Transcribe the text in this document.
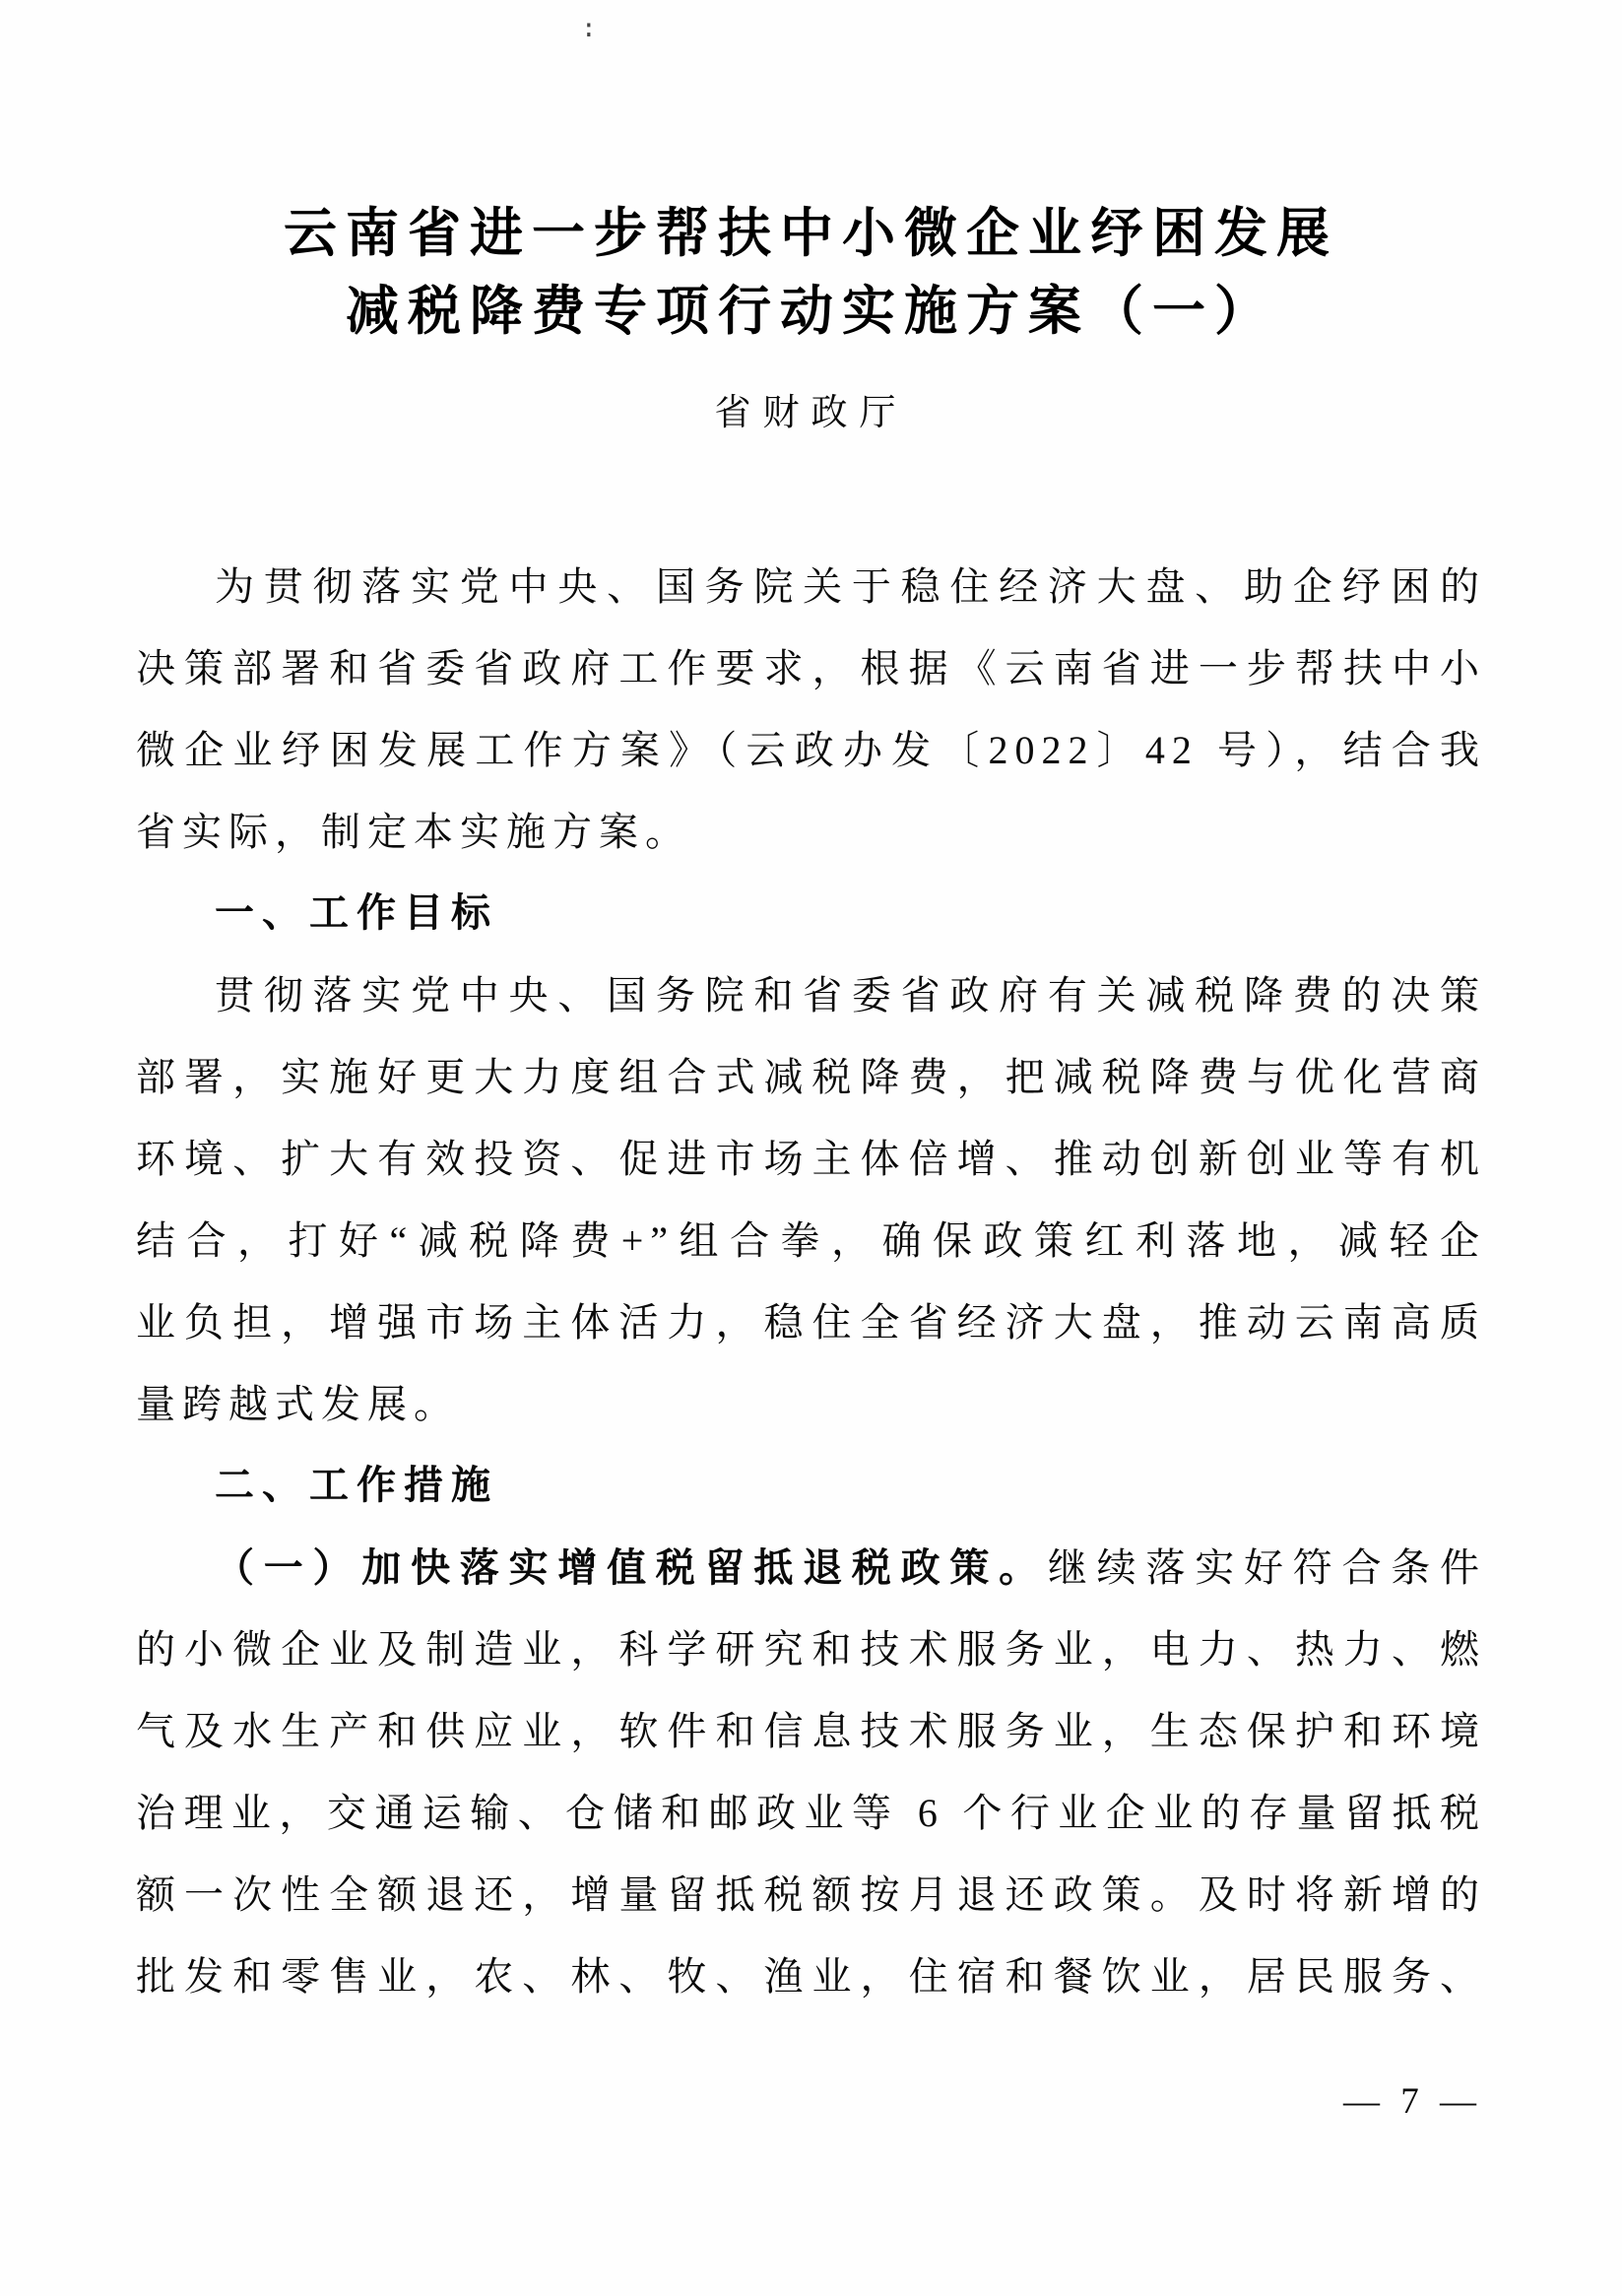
:
云南省进一步帮扶中小微企业纾困发展
减税降费专项行动实施方案（一）
省财政厅
为贯彻落实党中央、国务院关于稳住经济大盘、助企纾困的
决策部署和省委省政府工作要求，根据《云南省进一步帮扶中小
微企业纾困发展工作方案》（云政办发〔2022〕42 号），结合我
省实际，制定本实施方案。
一、工作目标
贯彻落实党中央、国务院和省委省政府有关减税降费的决策
部署，实施好更大力度组合式减税降费，把减税降费与优化营商
环境、扩大有效投资、促进市场主体倍增、推动创新创业等有机
结合，打好“减税降费+”组合拳，确保政策红利落地，减轻企
业负担，增强市场主体活力，稳住全省经济大盘，推动云南高质
量跨越式发展。
二、工作措施
（一）加快落实增值税留抵退税政策。继续落实好符合条件
的小微企业及制造业，科学研究和技术服务业，电力、热力、燃
气及水生产和供应业，软件和信息技术服务业，生态保护和环境
治理业，交通运输、仓储和邮政业等 6 个行业企业的存量留抵税
额一次性全额退还，增量留抵税额按月退还政策。及时将新增的
批发和零售业，农、林、牧、渔业，住宿和餐饮业，居民服务、
— 7 —
